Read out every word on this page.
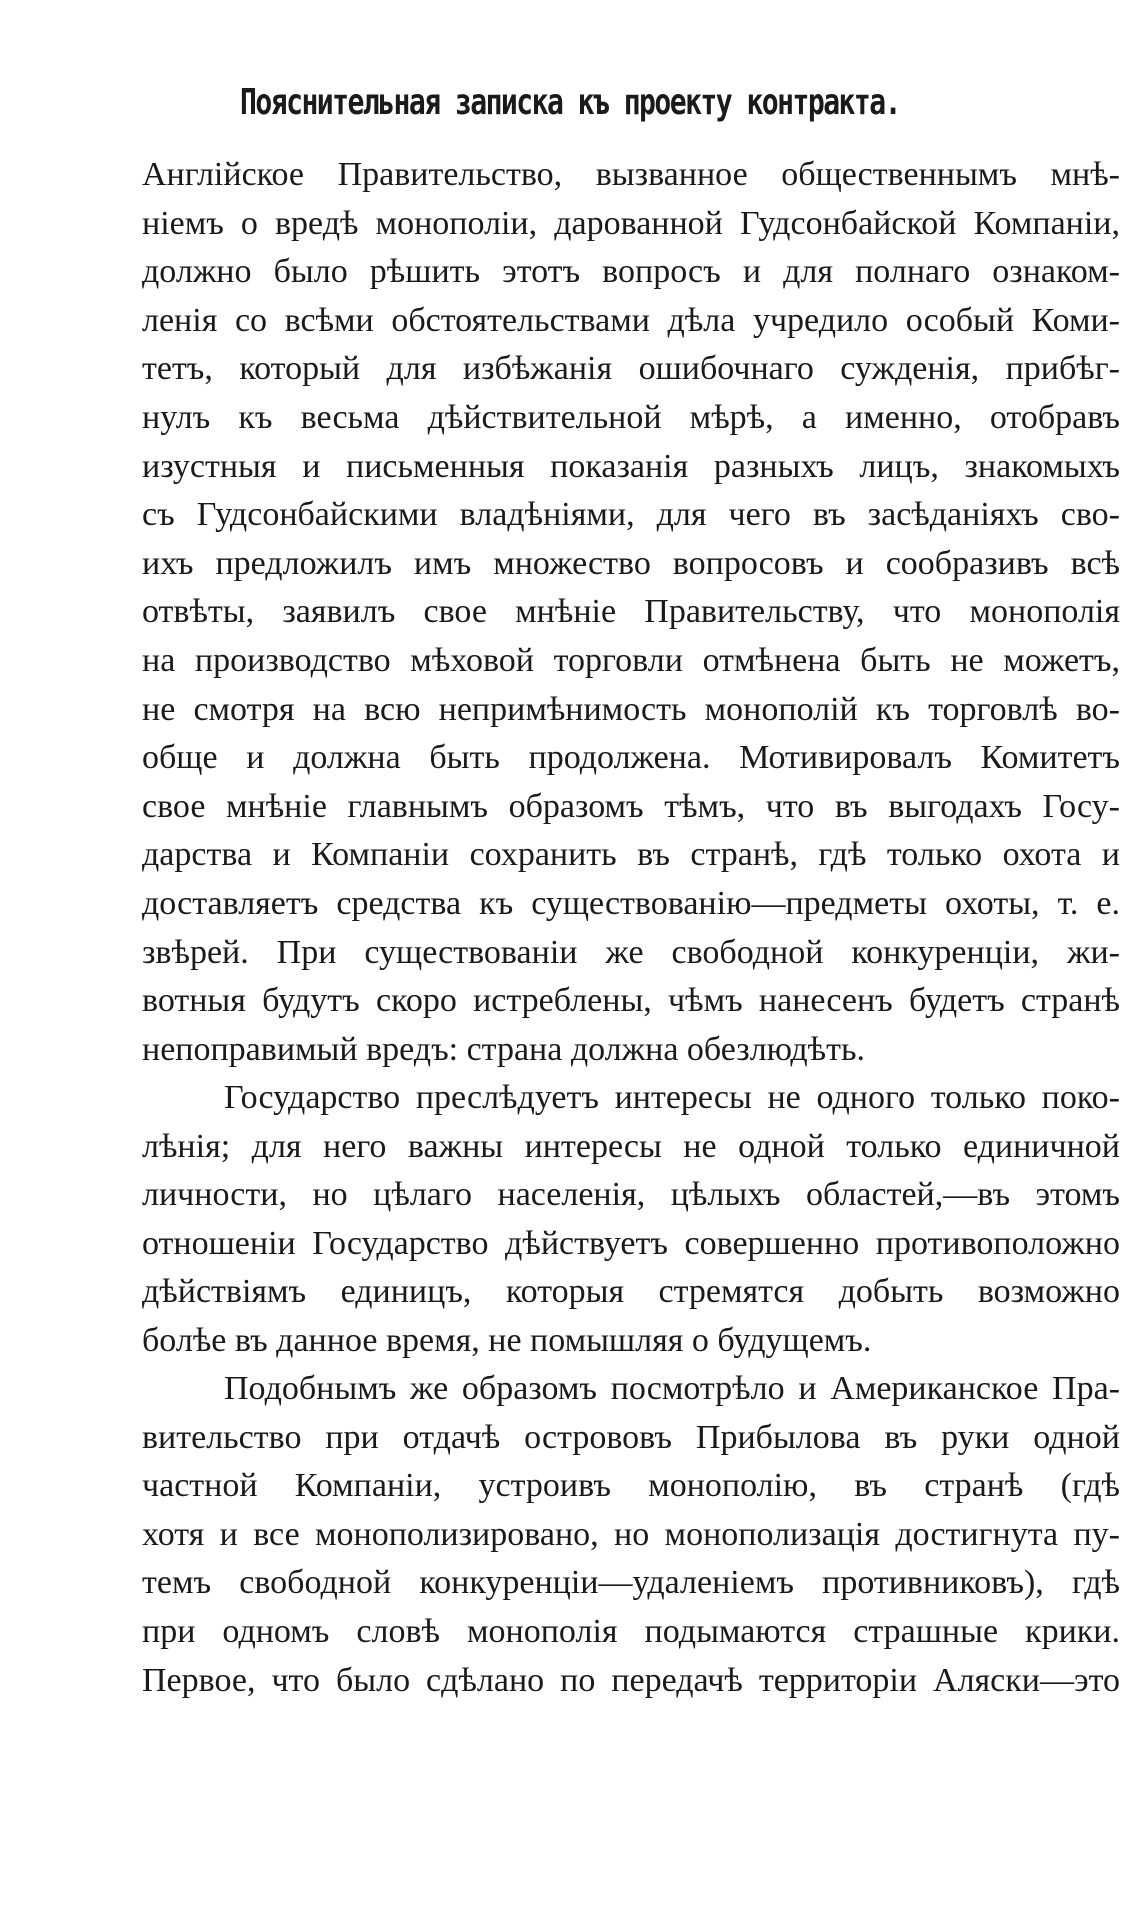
Пояснительная записка къ проекту контракта.

Англійское Правительство, вызванное общественнымъ мнѣ-
ніемъ о вредѣ монополіи, дарованной Гудсонбайской Компаніи,
должно было рѣшить этотъ вопросъ и для полнаго ознаком-
ленія со всѣми обстоятельствами дѣла учредило особый Коми-
тетъ, который для избѣжанія ошибочнаго сужденія, прибѣг-
нулъ къ весьма дѣйствительной мѣрѣ, а именно, отобравъ
изустныя и письменныя показанія разныхъ лицъ, знакомыхъ
съ Гудсонбайскими владѣніями, для чего въ засѣданіяхъ сво-
ихъ предложилъ имъ множество вопросовъ и сообразивъ всѣ
отвѣты, заявилъ свое мнѣніе Правительству, что монополія
на производство мѣховой торговли отмѣнена быть не можетъ,
не смотря на всю непримѣнимость монополій къ торговлѣ во-
обще и должна быть продолжена. Мотивировалъ Комитетъ
свое мнѣніе главнымъ образомъ тѣмъ, что въ выгодахъ Госу-
дарства и Компаніи сохранить въ странѣ, гдѣ только охота и
доставляетъ средства къ существованію—предметы охоты, т. е.
звѣрей. При существованіи же свободной конкуренціи, жи-
вотныя будутъ скоро истреблены, чѣмъ нанесенъ будетъ странѣ
непоправимый вредъ: страна должна обезлюдѣть.

Государство преслѣдуетъ интересы не одного только поко-
лѣнія; для него важны интересы не одной только единичной
личности, но цѣлаго населенія, цѣлыхъ областей,—въ этомъ
отношеніи Государство дѣйствуетъ совершенно противоположно
дѣйствіямъ единицъ, которыя стремятся добыть возможно
болѣе въ данное время, не помышляя о будущемъ.

Подобнымъ же образомъ посмотрѣло и Американское Пра-
вительство при отдачѣ острововъ Прибылова въ руки одной
частной Компаніи, устроивъ монополію, въ странѣ (гдѣ
хотя и все монополизировано, но монополизація достигнута пу-
темъ свободной конкуренціи—удаленіемъ противниковъ), гдѣ
при одномъ словѣ монополія подымаются страшные крики.
Первое, что было сдѣлано по передачѣ территоріи Аляски—это
